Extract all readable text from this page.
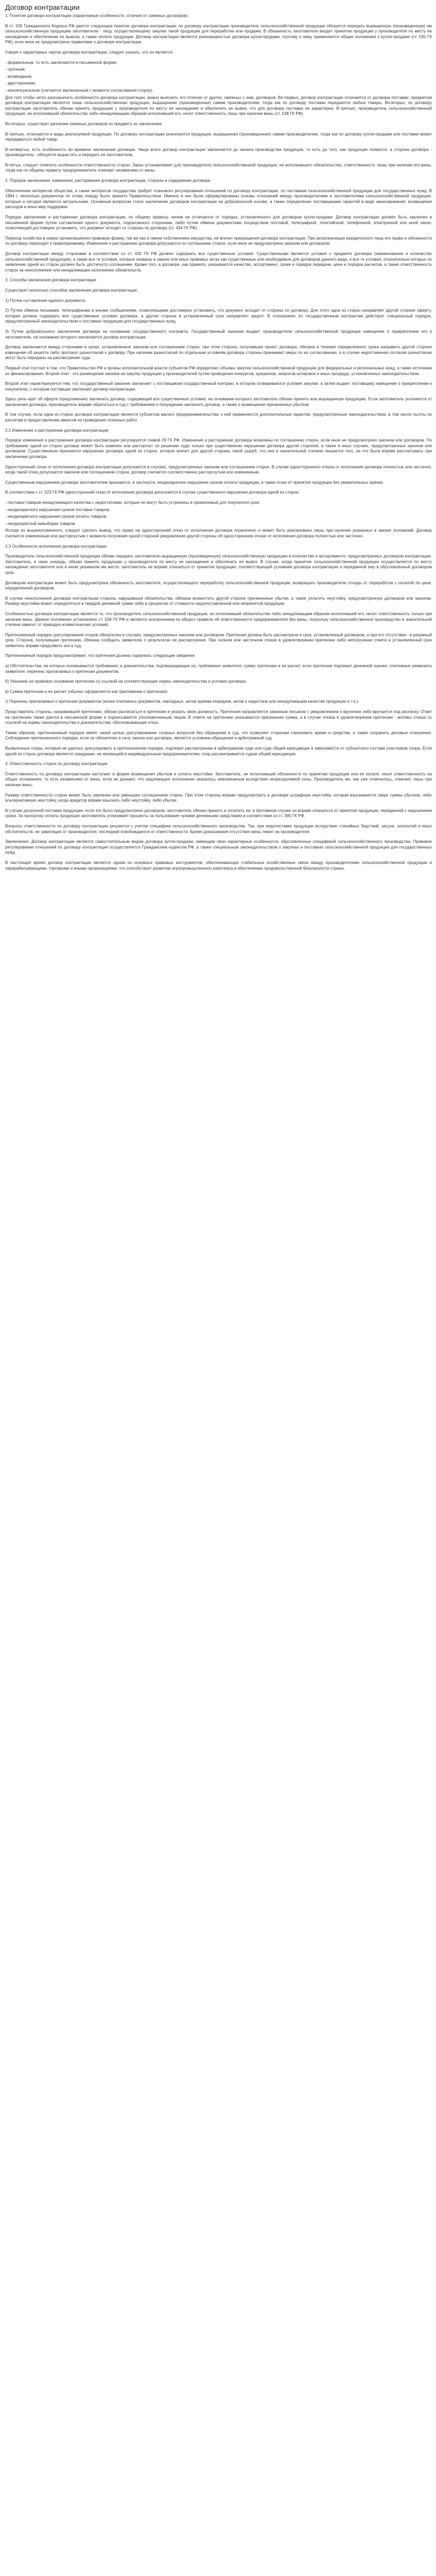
Договор контрактации

1. Понятие договора контрактации (характерные особенности, отличия от смежных договоров).

В ст. 535 Гражданского Кодекса РФ дается следующее понятие договора контрактации: по договору контрактации производитель сельскохозяйственной продукции обязуется передать выращенную (произведенную) им сельскохозяйственную продукцию заготовителю - лицу, осуществляющему закупки такой продукции для переработки или продажи. В обязанность заготовителя входит принятие продукции у производителя по месту ее нахождения и обеспечение ее вывоза, а также оплата продукции. Договор контрактации является разновидностью договора купли-продажи, поэтому к нему применяются общие положения о купле-продаже (ст. 535 ГК РФ), если иное не предусмотрено правилами о договоре контрактации.

Говоря о характерных чертах договора контрактации, следует указать, что он является:

- формальным, то есть заключается в письменной форме;

- срочным;

- возмездным;

- двусторонним;

- консенсуальным (считается заключенным с момента согласования сторон).

Для того чтобы четко разграничить особенности договора контрактации, важно выяснить его отличия от других, смежных с ним, договоров. Во-первых, договор контрактации отличается от договора поставки: предметом договора контрактации является лишь сельскохозяйственная продукция, выращенная (произведенная) самим производителем, тогда как по договору поставки передаются любые товары. Во-вторых, по договору контрактации заготовитель обязан принять продукцию у производителя по месту ее нахождения и обеспечить ее вывоз, что для договора поставки не характерно. В-третьих, производитель сельскохозяйственной продукции, не исполнивший обязательство либо ненадлежащим образом исполнивший его, несет ответственность лишь при наличии вины (ст. 538 ГК РФ).

Во-вторых, существует различие смежных договоров по предмету их заключения.

В-третьих, отличаются и виды реализуемой продукции. По договору контрактации реализуется продукция, выращенная (произведенная) самим производителем, тогда как по договору купли-продажи или поставки может передаваться любой товар.

В-четвертых, есть особенность во времени заключения договора. Чаще всего договор контрактации заключается до начала производства продукции, то есть до того, как продукция появится, а сторона договора - производитель - обязуется вырастить и передать ее заготовителю.

В-пятых, следует отметить особенности ответственности сторон. Закон устанавливает для производителя сельскохозяйственной продукции, не исполнившего обязательство, ответственность лишь при наличии его вины, тогда как по общему правилу предприниматель отвечает независимо от вины.

2. Порядок заключения, изменения, расторжения договора контрактации, стороны и содержание договора

Обеспечение интересов общества, а также интересов государства требует планового регулирования отношений по договору контрактации, по поставкам сельскохозяйственной продукции для государственных нужд. В 1994 г. несколько документов по этому поводу было принято Правительством. Именно в них были сформулированы основы отношений между производителями и заготовителями сельскохозяйственной продукции, которые и сегодня являются актуальными. Основным вопросом стало заключение договоров контрактации на добровольной основе, а также определение поставщиками гарантий в виде авансирования, возмещения расходов и иных мер поддержки.

Порядок заключения и расторжения договора контрактации, по общему правилу, ничем не отличается от порядка, установленного для договоров купли-продажи. Договор контрактации должен быть заключен в письменной форме путем составления одного документа, подписанного сторонами, либо путем обмена документами посредством почтовой, телеграфной, телетайпной, телефонной, электронной или иной связи, позволяющей достоверно установить, что документ исходит от стороны по договору (ст. 434 ГК РФ).

Переход хозяйства в новую организационно-правовую форму, так же как и смена собственника имущества, не влечет прекращения договора контрактации. При реорганизации юридического лица его права и обязанности по договору переходят к правопреемнику. Изменение и расторжение договора допускается по соглашению сторон, если иное не предусмотрено законом или договором.

Договор контрактации между сторонами в соответствии со ст. 432 ГК РФ должен содержать все существенные условия. Существенными являются условия о предмете договора (наименование и количество сельскохозяйственной продукции), а также все те условия, которые названы в законе или иных правовых актах как существенные или необходимые для договоров данного вида, и все те условия, относительно которых по заявлению одной из сторон должно быть достигнуто соглашение. Кроме того, в договоре, как правило, указываются качество, ассортимент, сроки и порядок передачи, цена и порядок расчетов, а также ответственность сторон за неисполнение или ненадлежащее исполнение обязательств.

3. Способы заключения договора контрактации

Существует несколько способов заключения договора контрактации:

1) Путем составления единого документа.

2) Путем обмена письмами, телеграфными и иными сообщениями, позволяющими достоверно установить, что документ исходит от стороны по договору. Для этого одна из сторон направляет другой стороне оферту, которая должна содержать все существенные условия договора, а другая сторона в установленный срок направляет акцепт. В отношениях по государственным контрактам действует специальный порядок, предусмотренный законодательством о поставках продукции для государственных нужд.

3) Путем добровольного заключения договора на основании государственного контракта. Государственный заказчик выдает производителю сельскохозяйственной продукции извещение о прикреплении его к заготовителю, на основании которого заключается договор контрактации.

Договор заключается между сторонами в сроки, установленные законом или соглашением сторон; при этом сторона, получившая проект договора, обязана в течение определенного срока направить другой стороне извещение об акцепте либо протокол разногласий к договору. При наличии разногласий по отдельным условиям договора стороны принимают меры по их согласованию, а в случае недостижения согласия разногласия могут быть переданы на рассмотрение суда.

Первый этап состоит в том, что Правительство РФ и органы исполнительной власти субъектов РФ определяют объемы закупок сельскохозяйственной продукции для федеральных и региональных нужд, а также источники их финансирования. Второй этап - это размещение заказов на закупку продукции у производителей путем проведения конкурсов, аукционов, запросов котировок и иных процедур, установленных законодательством.

Второй этап характеризуется тем, что государственный заказчик заключает с поставщиком государственный контракт, в котором оговариваются условия закупки, а затем выдает поставщику извещение о прикреплении к покупателю, с которым поставщик заключает договор контрактации.

Здесь речь идет об оферте (предложении) заключить договор, содержащий все существенные условия, на основании которого заготовитель обязан принять всю выращенную продукцию. Если заготовитель уклоняется от заключения договора, производитель вправе обратиться в суд с требованием о понуждении заключить договор, а также о возмещении причиненных убытков.

В том случае, если одна из сторон договора контрактации является субъектом малого предпринимательства, к ней применяются дополнительные гарантии, предусмотренные законодательством, в том числе льготы по расчетам и предоставлению авансов на проведение сезонных работ.

2.2 Изменение и расторжение договора контрактации

Порядок изменения и расторжения договора контрактации регулируется главой 29 ГК РФ. Изменение и расторжение договора возможны по соглашению сторон, если иное не предусмотрено законом или договором. По требованию одной из сторон договор может быть изменен или расторгнут по решению суда только при существенном нарушении договора другой стороной, а также в иных случаях, предусмотренных законом или договором. Существенным признается нарушение договора одной из сторон, которое влечет для другой стороны такой ущерб, что она в значительной степени лишается того, на что была вправе рассчитывать при заключении договора.

Односторонний отказ от исполнения договора контрактации допускается в случаях, предусмотренных законом или соглашением сторон. В случае одностороннего отказа от исполнения договора полностью или частично, когда такой отказ допускается законом или соглашением сторон, договор считается соответственно расторгнутым или измененным.

Существенным нарушением договора заготовителем признается, в частности, неоднократное нарушение сроков оплаты продукции, а также отказ от принятия продукции без уважительных причин.

В соответствии с ст. 523 ГК РФ односторонний отказ от исполнения договора допускается в случае существенного нарушения договора одной из сторон:

- поставки товаров ненадлежащего качества с недостатками, которые не могут быть устранены в приемлемый для покупателя срок;

- неоднократного нарушения сроков поставки товаров;

- неоднократного нарушения сроков оплаты товаров;

- неоднократной невыборки товаров.

Исходя из вышеизложенного, следует сделать вывод, что право на односторонний отказ от исполнения договора ограничено и может быть реализовано лишь при наличии указанных в законе оснований. Договор считается измененным или расторгнутым с момента получения одной стороной уведомления другой стороны об одностороннем отказе от исполнения договора полностью или частично.

2.3 Особенности исполнения договора контрактации

Производитель сельскохозяйственной продукции обязан передать заготовителю выращенную (произведенную) сельскохозяйственную продукцию в количестве и ассортименте, предусмотренных договором контрактации. Заготовитель, в свою очередь, обязан принять продукцию у производителя по месту ее нахождения и обеспечить ее вывоз. В случае, когда принятие сельскохозяйственной продукции осуществляется по месту нахождения заготовителя или в ином указанном им месте, заготовитель не вправе отказаться от принятия продукции, соответствующей условиям договора контрактации и переданной ему в обусловленный договором срок.

Договором контрактации может быть предусмотрена обязанность заготовителя, осуществляющего переработку сельскохозяйственной продукции, возвращать производителю отходы от переработки с оплатой по цене, определенной договором.

В случае неисполнения договора контрактации сторона, нарушившая обязательства, обязана возместить другой стороне причиненные убытки, а также уплатить неустойку, предусмотренную договором или законом. Размер неустойки может определяться в твердой денежной сумме либо в процентах от стоимости недопоставленной или непринятой продукции.

Особенностью договора контрактации является то, что производитель сельскохозяйственной продукции, не исполнивший обязательство либо ненадлежащим образом исполнивший его, несет ответственность только при наличии вины. Данное положение установлено ст. 538 ГК РФ и является исключением из общего правила об ответственности предпринимателя без вины, поскольку сельскохозяйственное производство в значительной степени зависит от природно-климатических условий.

Претензионный порядок урегулирования споров обязателен в случаях, предусмотренных законом или договором. Претензия должна быть рассмотрена в срок, установленный договором, а при его отсутствии - в разумный срок. Сторона, получившая претензию, обязана сообщить заявителю о результатах ее рассмотрения. При полном или частичном отказе в удовлетворении претензии либо неполучении ответа в установленный срок заявитель вправе предъявить иск в суд.

Претензионный порядок предусматривает, что претензия должна содержать следующие сведения:

а) Обстоятельства, на которых основываются требования, и доказательства, подтверждающие их; требования заявителя; сумму претензии и ее расчет, если претензия подлежит денежной оценке; платежные реквизиты заявителя; перечень прилагаемых к претензии документов.

б) Указание на правовое основание претензии со ссылкой на соответствующие нормы законодательства и условия договора.

в) Сумма претензии и ее расчет (обычно оформляется как приложение к претензии).

г) Перечень прилагаемых к претензии документов (копии платежных документов, накладных, актов приема-передачи, актов о недостаче или ненадлежащем качестве продукции и т.п.).

Представитель стороны, направившей претензию, обязан расписаться в претензии и указать свою должность. Претензия направляется заказным письмом с уведомлением о вручении либо вручается под расписку. Ответ на претензию также дается в письменной форме и подписывается уполномоченным лицом. В ответе на претензию указываются признанная сумма, а в случае отказа в удовлетворении претензии - мотивы отказа со ссылкой на нормы законодательства и доказательства, обосновывающие отказ.

Таким образом, претензионный порядок имеет своей целью урегулирование спорных вопросов без обращения в суд, что позволяет сторонам сэкономить время и средства, а также сохранить деловые отношения. Соблюдение претензионного порядка, если он обязателен в силу закона или договора, является условием обращения в арбитражный суд.

Выявленные споры, которые не удалось урегулировать в претензионном порядке, подлежат рассмотрению в арбитражном суде или суде общей юрисдикции в зависимости от субъектного состава участников спора. Если одной из сторон договора является гражданин, не являющийся индивидуальным предпринимателем, спор рассматривается судом общей юрисдикции.

3. Ответственность сторон по договору контрактации

Ответственность по договору контрактации наступает в форме возмещения убытков и уплаты неустойки. Заготовитель, не исполнивший обязанности по принятию продукции или ее оплате, несет ответственность на общих основаниях, то есть независимо от вины, если не докажет, что надлежащее исполнение оказалось невозможным вследствие непреодолимой силы. Производитель же, как уже отмечалось, отвечает лишь при наличии вины.

Размер ответственности сторон может быть увеличен или уменьшен соглашением сторон. При этом стороны вправе предусмотреть в договоре штрафную неустойку, которая взыскивается сверх суммы убытков, либо альтернативную неустойку, когда кредитор вправе взыскать либо неустойку, либо убытки.

В случае досрочной поставки продукции, если это было предусмотрено договором, заготовитель обязан принять и оплатить ее; в противном случае он вправе отказаться от принятия продукции, переданной с нарушением срока. За просрочку оплаты продукции заготовитель уплачивает проценты за пользование чужими денежными средствами в соответствии со ст. 395 ГК РФ.

Вопросы ответственности по договору контрактации решаются с учетом специфики сельскохозяйственного производства. Так, при недопоставке продукции вследствие стихийных бедствий, засухи, эпизоотий и иных обстоятельств, не зависящих от производителя, последний освобождается от ответственности. Бремя доказывания отсутствия вины лежит на производителе.

Заключение. Договор контрактации является самостоятельным видом договора купли-продажи, имеющим свои характерные особенности, обусловленные спецификой сельскохозяйственного производства. Правовое регулирование отношений по договору контрактации осуществляется Гражданским кодексом РФ, а также специальным законодательством о закупках и поставках сельскохозяйственной продукции для государственных нужд.

В настоящее время договор контрактации является одним из основных правовых инструментов, обеспечивающих стабильные хозяйственные связи между производителями сельскохозяйственной продукции и перерабатывающими, торговыми и иными организациями, что способствует развитию агропромышленного комплекса и обеспечению продовольственной безопасности страны.
